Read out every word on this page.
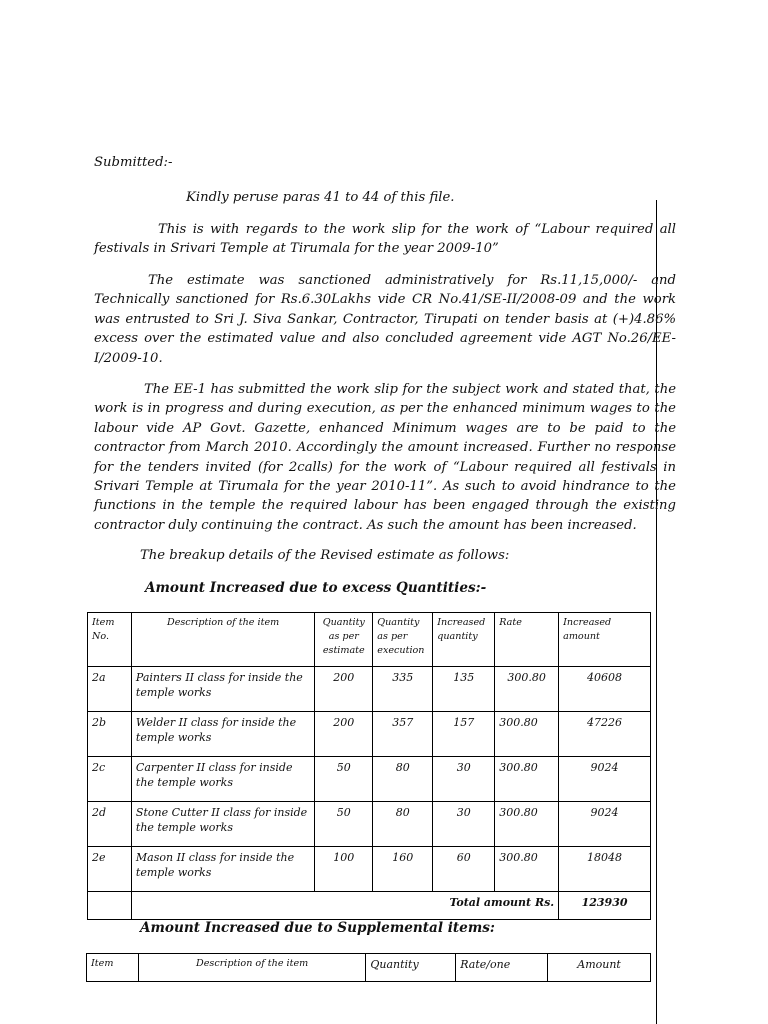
Submitted:-

Kindly peruse paras 41 to 44 of this file.

This is with regards to the work slip for the work of “Labour required all festivals in Srivari Temple at Tirumala for the year 2009-10”

The estimate was sanctioned administratively for Rs.11,15,000/- and Technically sanctioned for Rs.6.30Lakhs vide CR No.41/SE-II/2008-09 and the work was entrusted to Sri J. Siva Sankar, Contractor, Tirupati on tender basis at (+)4.86% excess over the estimated value and also concluded agreement vide AGT No.26/EE-I/2009-10.

The EE-1 has submitted the work slip for the subject work and stated that, the work is in progress and during execution, as per the enhanced minimum wages to the labour vide AP Govt. Gazette, enhanced Minimum wages are to be paid to the contractor from March 2010. Accordingly the amount increased. Further no response for the tenders invited (for 2calls) for the work of “Labour required all festivals in Srivari Temple at Tirumala for the year 2010-11”. As such to avoid hindrance to the functions in the temple the required labour has been engaged through the existing contractor duly continuing the contract. As such the amount has been increased.

The breakup details of the Revised estimate as follows:

Amount Increased due to excess Quantities:-
Item No.	Description of the item	Quantity as per estimate	Quantity as per execution	Increased quantity	Rate	Increased amount
2a	Painters II class for inside the temple works	200	335	135	300.80	40608
2b	Welder II class for inside the temple works	200	357	157	300.80	47226
2c	Carpenter II class for inside the temple works	50	80	30	300.80	9024
2d	Stone Cutter II class for inside the temple works	50	80	30	300.80	9024
2e	Mason II class for inside the temple works	100	160	60	300.80	18048
	Total amount Rs.					123930
Amount Increased due to Supplemental items:
Item	Description of the item	Quantity	Rate/one	Amount
